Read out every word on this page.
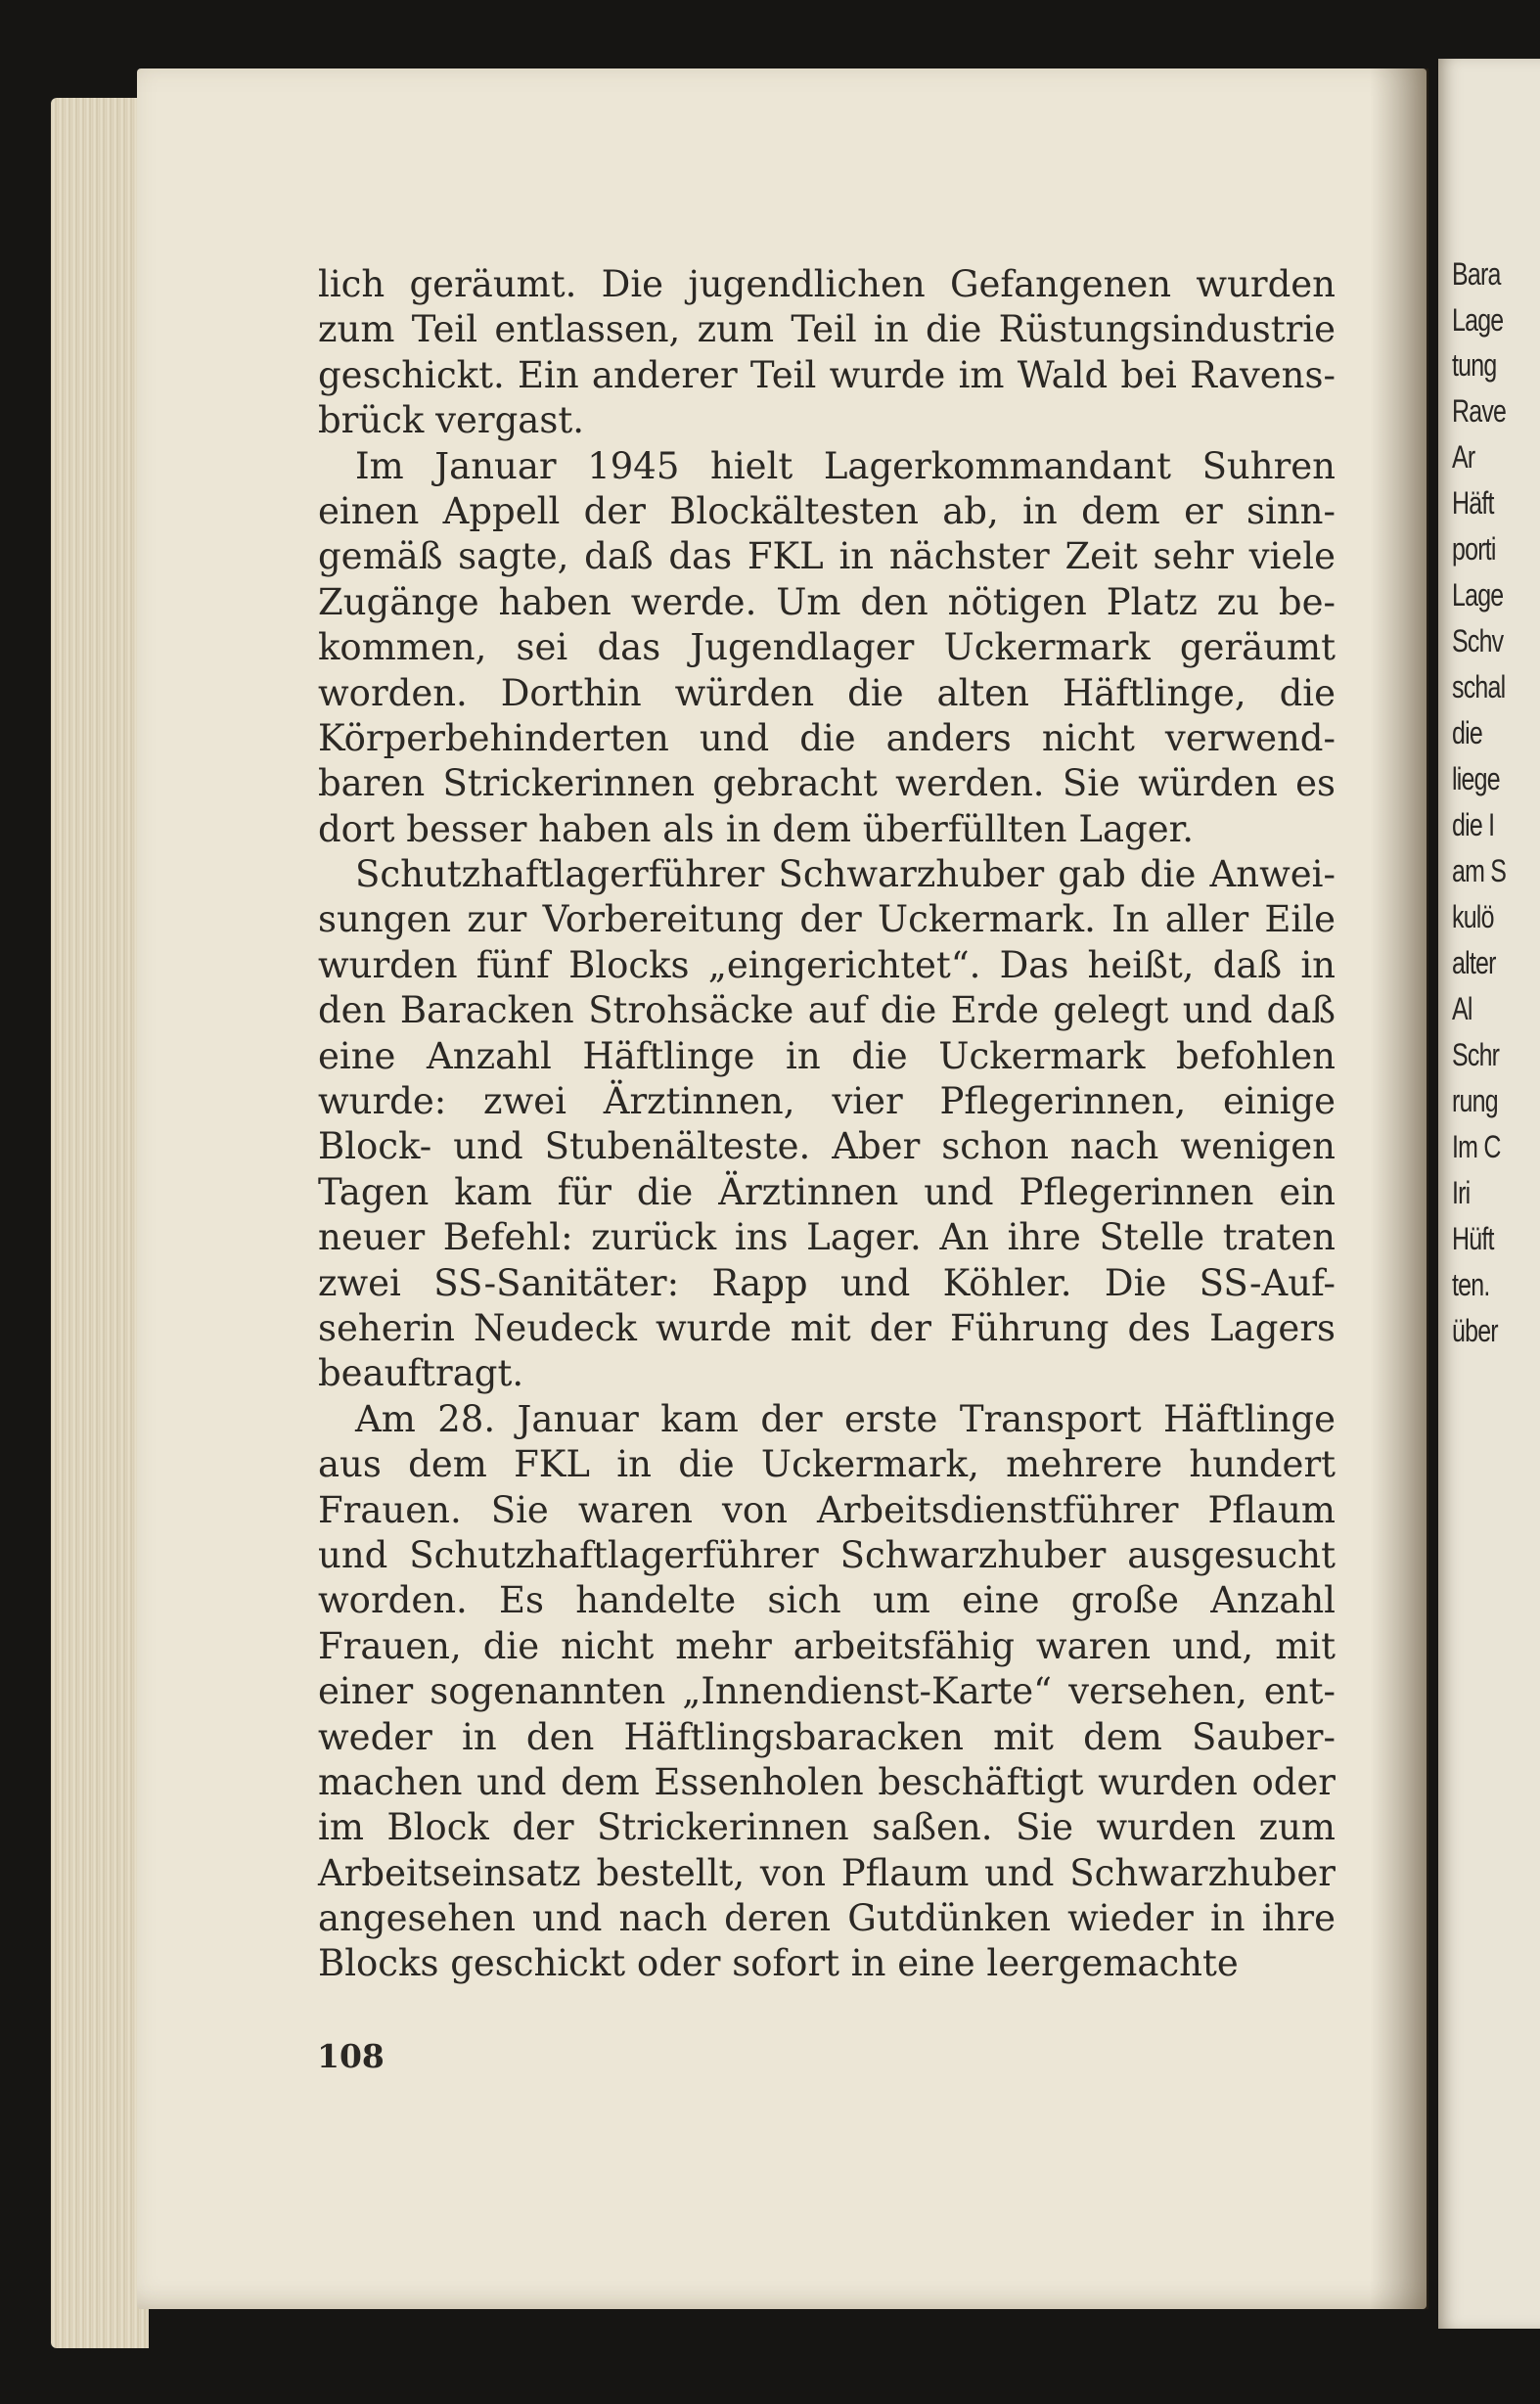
lich geräumt. Die jugendlichen Gefangenen wurden
zum Teil entlassen, zum Teil in die Rüstungsindustrie
geschickt. Ein anderer Teil wurde im Wald bei Ravens-
brück vergast.
Im Januar 1945 hielt Lagerkommandant Suhren
einen Appell der Blockältesten ab, in dem er sinn-
gemäß sagte, daß das FKL in nächster Zeit sehr viele
Zugänge haben werde. Um den nötigen Platz zu be-
kommen, sei das Jugendlager Uckermark geräumt
worden. Dorthin würden die alten Häftlinge, die
Körperbehinderten und die anders nicht verwend-
baren Strickerinnen gebracht werden. Sie würden es
dort besser haben als in dem überfüllten Lager.
Schutzhaftlagerführer Schwarzhuber gab die Anwei-
sungen zur Vorbereitung der Uckermark. In aller Eile
wurden fünf Blocks „eingerichtet“. Das heißt, daß in
den Baracken Strohsäcke auf die Erde gelegt und daß
eine Anzahl Häftlinge in die Uckermark befohlen
wurde: zwei Ärztinnen, vier Pflegerinnen, einige
Block- und Stubenälteste. Aber schon nach wenigen
Tagen kam für die Ärztinnen und Pflegerinnen ein
neuer Befehl: zurück ins Lager. An ihre Stelle traten
zwei SS-Sanitäter: Rapp und Köhler. Die SS-Auf-
seherin Neudeck wurde mit der Führung des Lagers
beauftragt.
Am 28. Januar kam der erste Transport Häftlinge
aus dem FKL in die Uckermark, mehrere hundert
Frauen. Sie waren von Arbeitsdienstführer Pflaum
und Schutzhaftlagerführer Schwarzhuber ausgesucht
worden. Es handelte sich um eine große Anzahl
Frauen, die nicht mehr arbeitsfähig waren und, mit
einer sogenannten „Innendienst-Karte“ versehen, ent-
weder in den Häftlingsbaracken mit dem Sauber-
machen und dem Essenholen beschäftigt wurden oder
im Block der Strickerinnen saßen. Sie wurden zum
Arbeitseinsatz bestellt, von Pflaum und Schwarzhuber
angesehen und nach deren Gutdünken wieder in ihre
Blocks geschickt oder sofort in eine leergemachte
108
Bara
Lage
tung
Rave
Ar
Häft
porti
Lage
Schv
schal
die
liege
die I
am S
kulö
alter
Al
Schr
rung
Im C
Iri
Hüft
ten.
über
